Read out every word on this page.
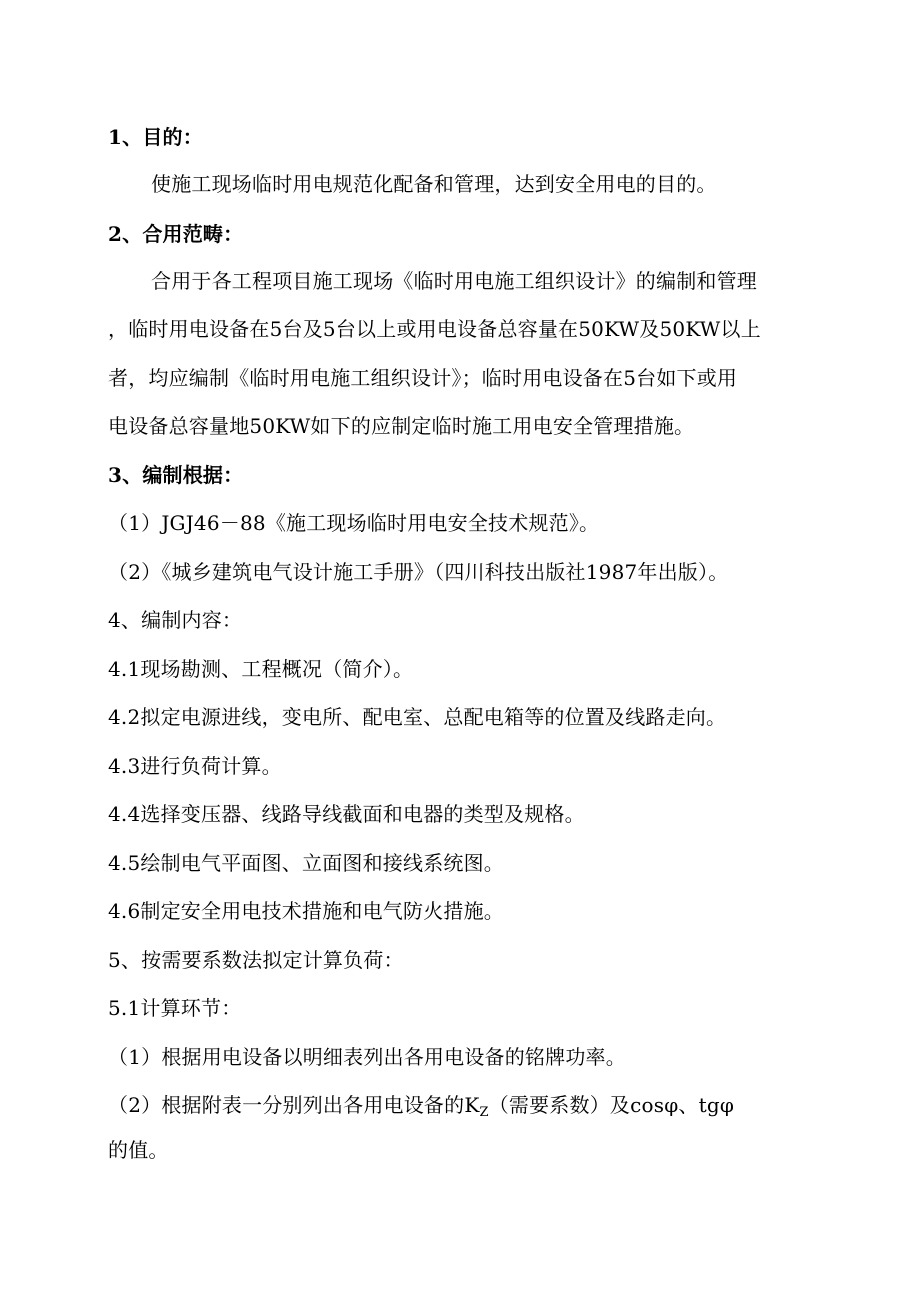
1、目的：
使施工现场临时用电规范化配备和管理，达到安全用电的目的。
2、合用范畴：
合用于各工程项目施工现场《临时用电施工组织设计》的编制和管理
，临时用电设备在5台及5台以上或用电设备总容量在50KW及50KW以上
者，均应编制《临时用电施工组织设计》；临时用电设备在5台如下或用
电设备总容量地50KW如下的应制定临时施工用电安全管理措施。
3、编制根据：
（1）JGJ46－88《施工现场临时用电安全技术规范》。
（2）《城乡建筑电气设计施工手册》（四川科技出版社1987年出版）。
4、编制内容：
4.1现场勘测、工程概况（简介）。
4.2拟定电源进线，变电所、配电室、总配电箱等的位置及线路走向。
4.3进行负荷计算。
4.4选择变压器、线路导线截面和电器的类型及规格。
4.5绘制电气平面图、立面图和接线系统图。
4.6制定安全用电技术措施和电气防火措施。
5、按需要系数法拟定计算负荷：
5.1计算环节：
（1）根据用电设备以明细表列出各用电设备的铭牌功率。
（2）根据附表一分别列出各用电设备的$K_Z$（需要系数）及cosφ、tgφ
的值。
